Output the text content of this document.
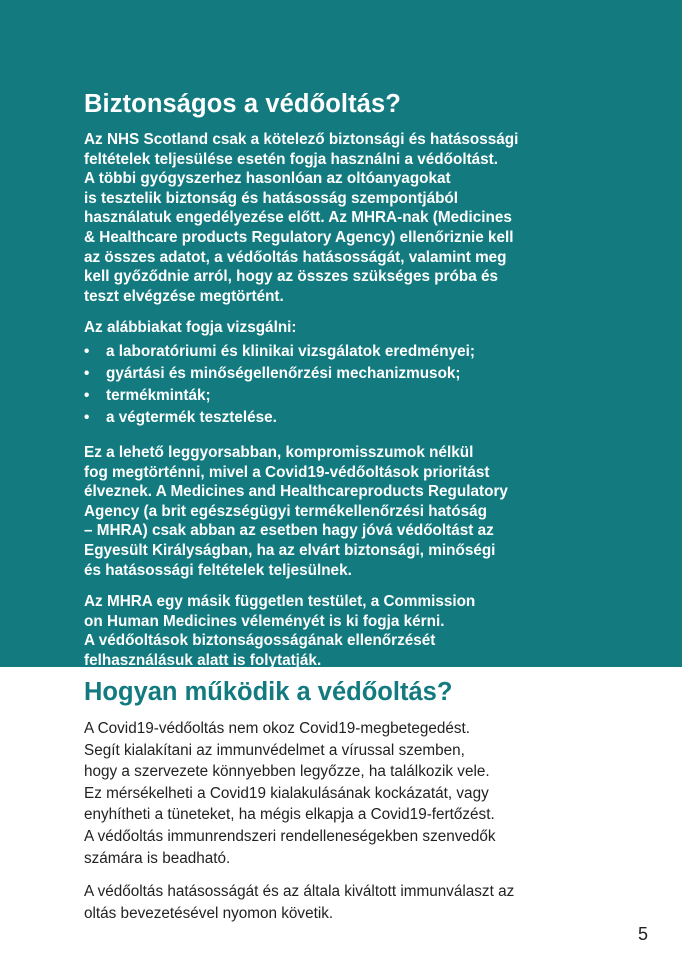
Biztonságos a védőoltás?

Az NHS Scotland csak a kötelező biztonsági és hatásossági
feltételek teljesülése esetén fogja használni a védőoltást.
A többi gyógyszerhez hasonlóan az oltóanyagokat
is tesztelik biztonság és hatásosság szempontjából
használatuk engedélyezése előtt. Az MHRA-nak (Medicines
& Healthcare products Regulatory Agency) ellenőriznie kell
az összes adatot, a védőoltás hatásosságát, valamint meg
kell győződnie arról, hogy az összes szükséges próba és
teszt elvégzése megtörtént.

Az alábbiakat fogja vizsgálni:

•	a laboratóriumi és klinikai vizsgálatok eredményei;
•	gyártási és minőségellenőrzési mechanizmusok;
•	termékminták;
•	a végtermék tesztelése.

Ez a lehető leggyorsabban, kompromisszumok nélkül
fog megtörténni, mivel a Covid19-védőoltások prioritást
élveznek. A Medicines and Healthcareproducts Regulatory
Agency (a brit egészségügyi termékellenőrzési hatóság
– MHRA) csak abban az esetben hagy jóvá védőoltást az
Egyesült Királyságban, ha az elvárt biztonsági, minőségi
és hatásossági feltételek teljesülnek.

Az MHRA egy másik független testület, a Commission
on Human Medicines véleményét is ki fogja kérni.
A védőoltások biztonságosságának ellenőrzését
felhasználásuk alatt is folytatják.

Hogyan működik a védőoltás?

A Covid19-védőoltás nem okoz Covid19-megbetegedést.
Segít kialakítani az immunvédelmet a vírussal szemben,
hogy a szervezete könnyebben legyőzze, ha találkozik vele.
Ez mérsékelheti a Covid19 kialakulásának kockázatát, vagy
enyhítheti a tüneteket, ha mégis elkapja a Covid19-fertőzést.
A védőoltás immunrendszeri rendelleneségekben szenvedők
számára is beadható.

A védőoltás hatásosságát és az általa kiváltott immunválaszt az
oltás bevezetésével nyomon követik.

5
